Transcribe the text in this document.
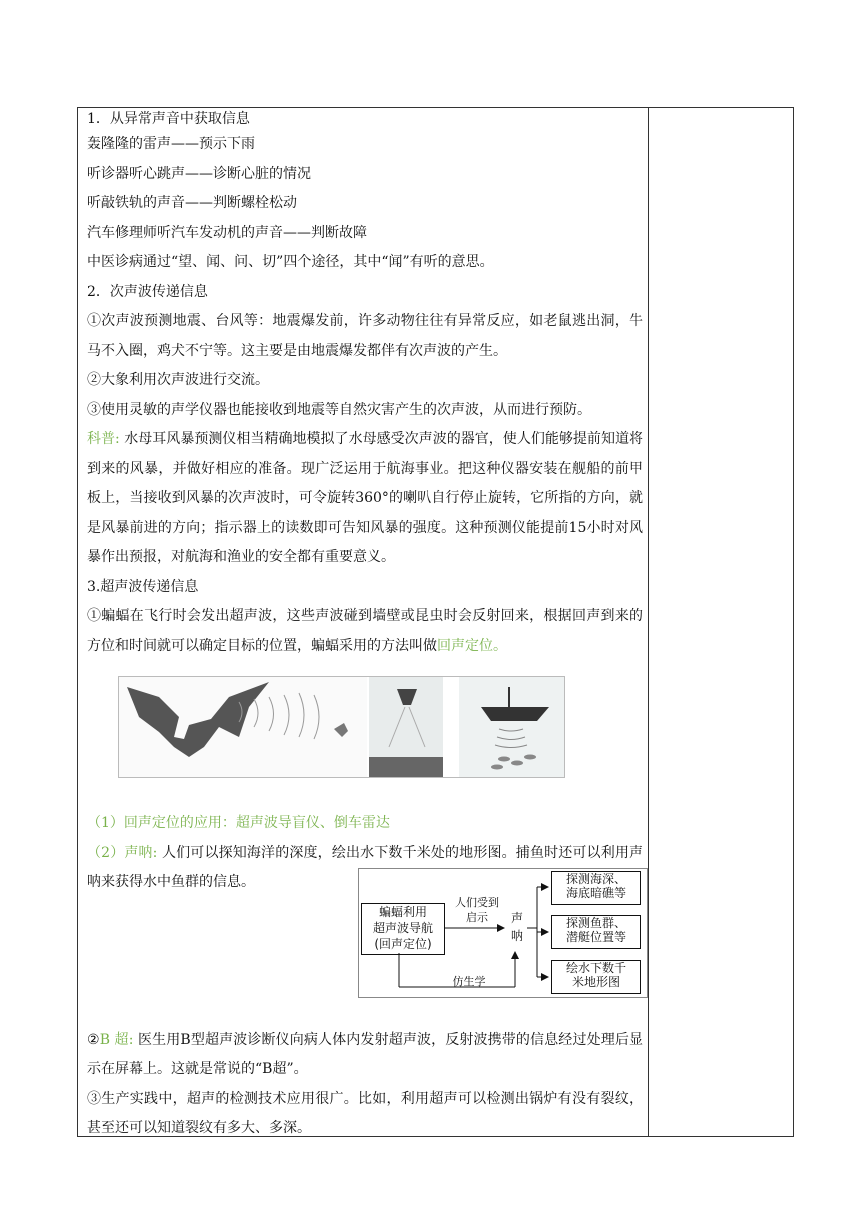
1．从异常声音中获取信息
轰隆隆的雷声——预示下雨
听诊器听心跳声——诊断心脏的情况
听敲铁轨的声音——判断螺栓松动
汽车修理师听汽车发动机的声音——判断故障
中医诊病通过“望、闻、问、切”四个途径，其中“闻”有听的意思。
2．次声波传递信息
①次声波预测地震、台风等：地震爆发前，许多动物往往有异常反应，如老鼠逃出洞，牛马不入圈，鸡犬不宁等。这主要是由地震爆发都伴有次声波的产生。
②大象利用次声波进行交流。
③使用灵敏的声学仪器也能接收到地震等自然灾害产生的次声波，从而进行预防。
科普: 水母耳风暴预测仪相当精确地模拟了水母感受次声波的器官，使人们能够提前知道将到来的风暴，并做好相应的准备。现广泛运用于航海事业。把这种仪器安装在舰船的前甲板上，当接收到风暴的次声波时，可令旋转360°的喇叭自行停止旋转，它所指的方向，就是风暴前进的方向；指示器上的读数即可告知风暴的强度。这种预测仪能提前15小时对风暴作出预报，对航海和渔业的安全都有重要意义。
3.超声波传递信息
①蝙蝠在飞行时会发出超声波，这些声波碰到墙壁或昆虫时会反射回来，根据回声到来的方位和时间就可以确定目标的位置，蝙蝠采用的方法叫做回声定位。
（1）回声定位的应用：超声波导盲仪、倒车雷达
（2）声呐: 人们可以探知海洋的深度，绘出水下数千米处的地形图。捕鱼时还可以利用声呐来获得水中鱼群的信息。
②B 超: 医生用B型超声波诊断仪向病人体内发射超声波，反射波携带的信息经过处理后显示在屏幕上。这就是常说的“B超”。
③生产实践中，超声的检测技术应用很广。比如，利用超声可以检测出锅炉有没有裂纹，甚至还可以知道裂纹有多大、多深。
蝙蝠利用
超声波导航
(回声定位)
人们受到
启示	声
呐
仿生学
探测海深、
海底暗礁等
探测鱼群、
潜艇位置等
绘水下数千
米地形图
